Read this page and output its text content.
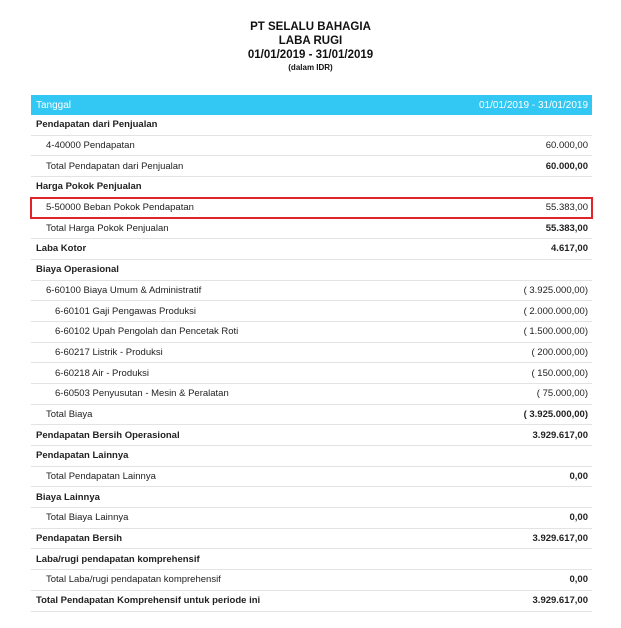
PT SELALU BAHAGIA
LABA RUGI
01/01/2019 - 31/01/2019
(dalam IDR)
Tanggal	01/01/2019 - 31/01/2019
Pendapatan dari Penjualan
4-40000 Pendapatan	60.000,00
Total Pendapatan dari Penjualan	60.000,00
Harga Pokok Penjualan
5-50000 Beban Pokok Pendapatan	55.383,00
Total Harga Pokok Penjualan	55.383,00
Laba Kotor	4.617,00
Biaya Operasional
6-60100 Biaya Umum & Administratif	( 3.925.000,00)
6-60101 Gaji Pengawas Produksi	( 2.000.000,00)
6-60102 Upah Pengolah dan Pencetak Roti	( 1.500.000,00)
6-60217 Listrik - Produksi	( 200.000,00)
6-60218 Air - Produksi	( 150.000,00)
6-60503 Penyusutan - Mesin & Peralatan	( 75.000,00)
Total Biaya	( 3.925.000,00)
Pendapatan Bersih Operasional	3.929.617,00
Pendapatan Lainnya
Total Pendapatan Lainnya	0,00
Biaya Lainnya
Total Biaya Lainnya	0,00
Pendapatan Bersih	3.929.617,00
Laba/rugi pendapatan komprehensif
Total Laba/rugi pendapatan komprehensif	0,00
Total Pendapatan Komprehensif untuk periode ini	3.929.617,00
